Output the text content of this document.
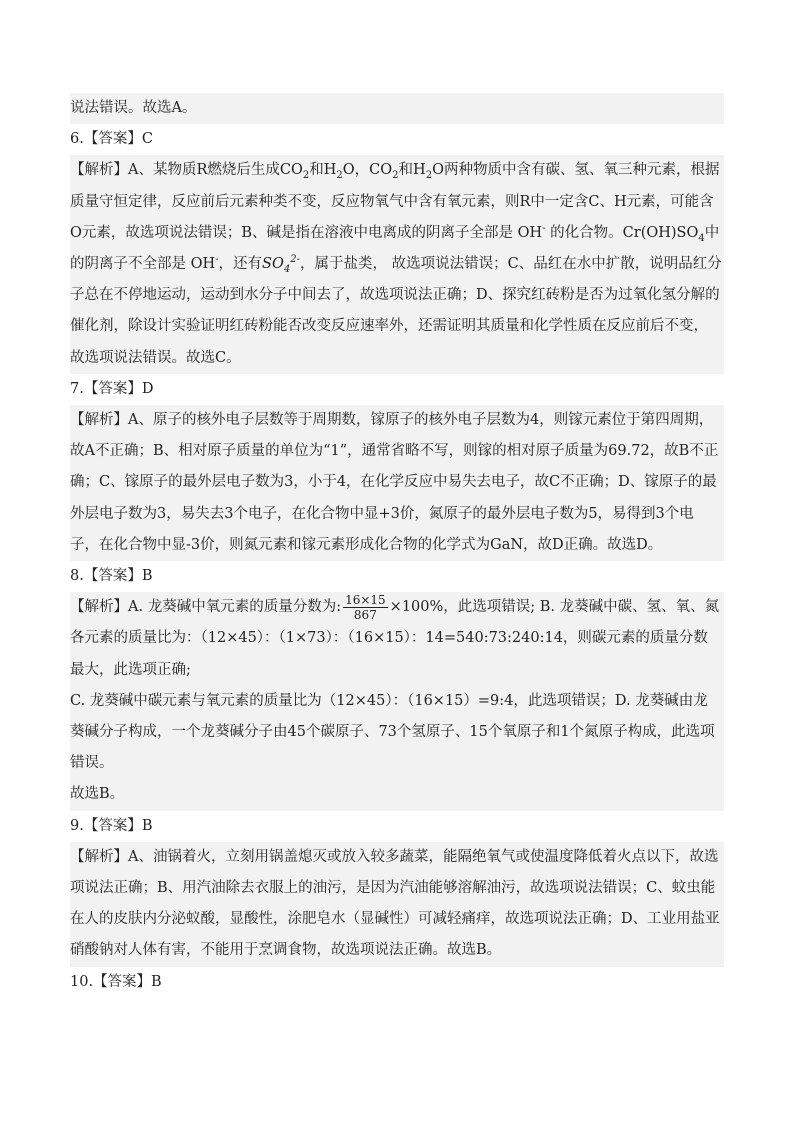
说法错误。故选A。

6.【答案】C

【解析】A、某物质R燃烧后生成$CO_2$和$H_2O$，$CO_2$和$H_2O$两种物质中含有碳、氢、氧三种元素，根据质量守恒定律，反应前后元素种类不变，反应物氧气中含有氧元素，则R中一定含C、H元素，可能含O元素，故选项说法错误；B、碱是指在溶液中电离成的阴离子全部是 OH- 的化合物。$Cr(OH)SO_4$中的阴离子不全部是 OH-，还有$SO_4^{2-}$，属于盐类， 故选项说法错误；C、品红在水中扩散，说明品红分子总在不停地运动，运动到水分子中间去了，故选项说法正确；D、探究红砖粉是否为过氧化氢分解的催化剂，除设计实验证明红砖粉能否改变反应速率外，还需证明其质量和化学性质在反应前后不变，故选项说法错误。故选C。

7.【答案】D

【解析】A、原子的核外电子层数等于周期数，镓原子的核外电子层数为4，则镓元素位于第四周期，故A不正确；B、相对原子质量的单位为“1”，通常省略不写，则镓的相对原子质量为69.72，故B不正确；C、镓原子的最外层电子数为3，小于4，在化学反应中易失去电子，故C不正确；D、镓原子的最外层电子数为3，易失去3个电子，在化合物中显+3价，氮原子的最外层电子数为5，易得到3个电子，在化合物中显-3价，则氮元素和镓元素形成化合物的化学式为GaN，故D正确。故选D。

8.【答案】B

【解析】A. 龙葵碱中氧元素的质量分数为: $\frac{16\times 15}{867} \times 100\%$，此选项错误; B. 龙葵碱中碳、氢、氧、氮各元素的质量比为：（12×45）：（1×73）：（16×15）：14=540:73:240:14，则碳元素的质量分数最大，此选项正确;

C. 龙葵碱中碳元素与氧元素的质量比为（12×45）：（16×15）=9:4，此选项错误；D. 龙葵碱由龙葵碱分子构成，一个龙葵碱分子由45个碳原子、73个氢原子、15个氧原子和1个氮原子构成，此选项错误。

故选B。

9.【答案】B

【解析】A、油锅着火，立刻用锅盖熄灭或放入较多蔬菜，能隔绝氧气或使温度降低着火点以下，故选项说法正确；B、用汽油除去衣服上的油污，是因为汽油能够溶解油污，故选项说法错误；C、蚊虫能在人的皮肤内分泌蚁酸，显酸性，涂肥皂水（显碱性）可减轻痛痒，故选项说法正确；D、工业用盐亚硝酸钠对人体有害，不能用于烹调食物，故选项说法正确。故选B。

10.【答案】B
